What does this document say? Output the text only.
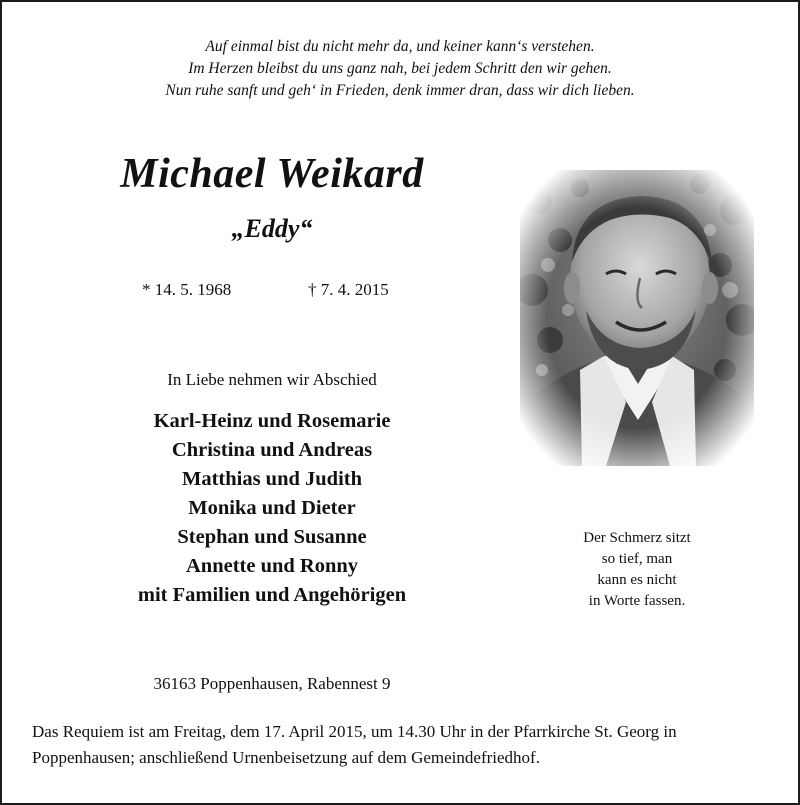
Auf einmal bist du nicht mehr da, und keiner kann‘s verstehen.
Im Herzen bleibst du uns ganz nah, bei jedem Schritt den wir gehen.
Nun ruhe sanft und geh‘ in Frieden, denk immer dran, dass wir dich lieben.
Michael Weikard
„Eddy“
* 14. 5. 1968	† 7. 4. 2015
In Liebe nehmen wir Abschied
Karl-Heinz und Rosemarie
Christina und Andreas
Matthias und Judith
Monika und Dieter
Stephan und Susanne
Annette und Ronny
mit Familien und Angehörigen
36163 Poppenhausen, Rabennest 9
Das Requiem ist am Freitag, dem 17. April 2015, um 14.30 Uhr in der Pfarrkirche St. Georg in Poppenhausen; anschließend Urnenbeisetzung auf dem Gemeindefriedhof.
Der Schmerz sitzt
so tief, man
kann es nicht
in Worte fassen.
